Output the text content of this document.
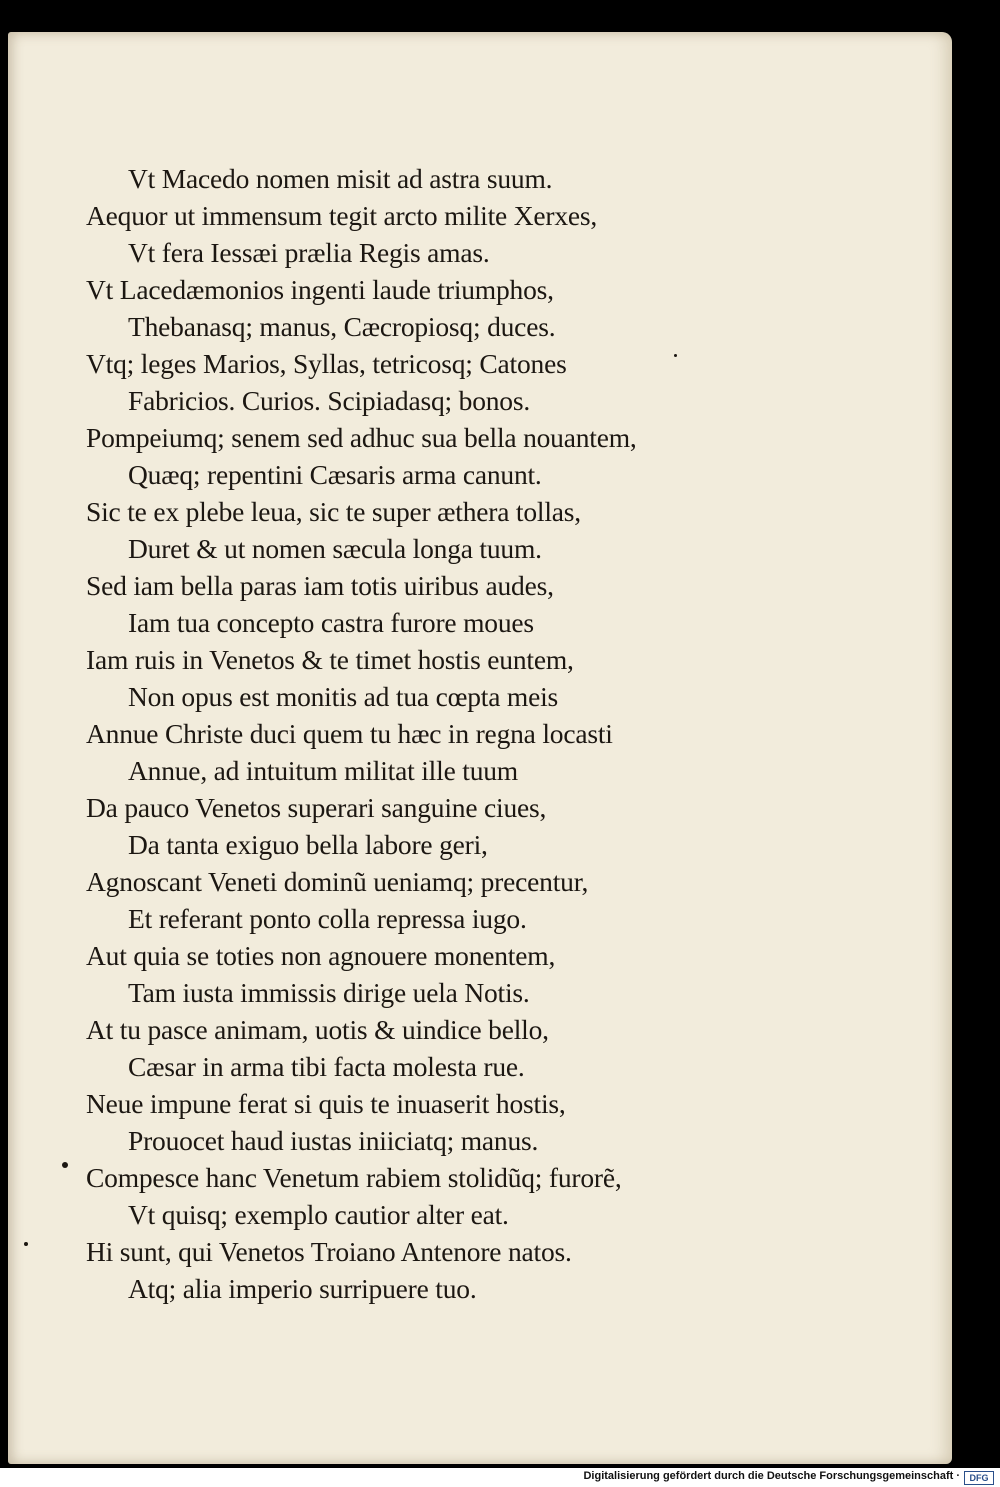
Vt Macedo nomen misit ad astra suum.
Aequor ut immensum tegit arcto milite Xerxes,
Vt fera Iessæi prælia Regis amas.
Vt Lacedæmonios ingenti laude triumphos,
Thebanasq; manus, Cæcropiosq; duces.
Vtq; leges Marios, Syllas, tetricosq; Catones
Fabricios. Curios. Scipiadasq; bonos.
Pompeiumq; senem sed adhuc sua bella nouantem,
Quæq; repentini Cæsaris arma canunt.
Sic te ex plebe leua, sic te super æthera tollas,
Duret & ut nomen sæcula longa tuum.
Sed iam bella paras iam totis uiribus audes,
Iam tua concepto castra furore moues
Iam ruis in Venetos & te timet hostis euntem,
Non opus est monitis ad tua cœpta meis
Annue Christe duci quem tu hæc in regna locasti
Annue, ad intuitum militat ille tuum
Da pauco Venetos superari sanguine ciues,
Da tanta exiguo bella labore geri,
Agnoscant Veneti dominũ ueniamq; precentur,
Et referant ponto colla repressa iugo.
Aut quia se toties non agnouere monentem,
Tam iusta immissis dirige uela Notis.
At tu pasce animam, uotis & uindice bello,
Cæsar in arma tibi facta molesta rue.
Neue impune ferat si quis te inuaserit hostis,
Prouocet haud iustas iniiciatq; manus.
Compesce hanc Venetum rabiem stolidũq; furorẽ,
Vt quisq; exemplo cautior alter eat.
Hi sunt, qui Venetos Troiano Antenore natos.
Atq; alia imperio surripuere tuo.
Digitalisierung gefördert durch die Deutsche Forschungsgemeinschaft ·	DFG
